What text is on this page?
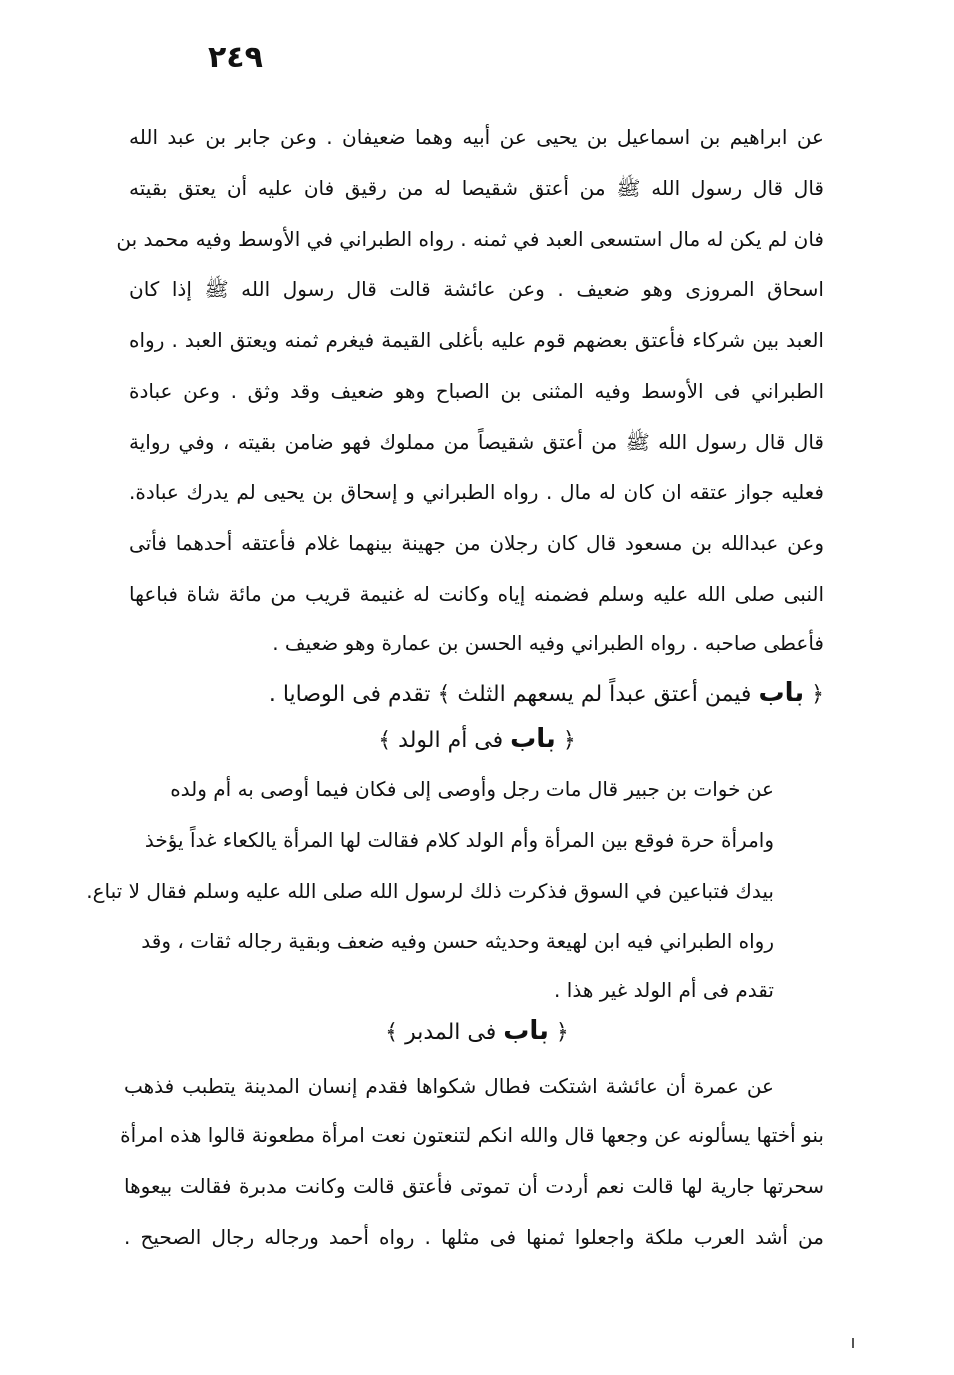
٢٤٩
عن ابراهيم بن اسماعيل بن يحيى عن أبيه وهما ضعيفان . وعن جابر بن عبد الله
قال قال رسول الله ﷺ من أعتق شقيصا له من رقيق فان عليه أن يعتق بقيته
فان لم يكن له مال استسعى العبد في ثمنه . رواه الطبراني في الأوسط وفيه محمد بن
اسحاق المروزى وهو ضعيف . وعن عائشة قالت قال رسول الله ﷺ إذا كان
العبد بين شركاء فأعتق بعضهم قوم عليه بأغلى القيمة فيغرم ثمنه ويعتق العبد . رواه
الطبراني فى الأوسط وفيه المثنى بن الصباح وهو ضعيف وقد وثق . وعن عبادة
قال قال رسول الله ﷺ من أعتق شقيصاً من مملوك فهو ضامن بقيته ، وفي رواية
فعليه جواز عتقه ان كان له مال . رواه الطبراني و إسحاق بن يحيى لم يدرك عبادة.
وعن عبدالله بن مسعود قال كان رجلان من جهينة بينهما غلام فأعتقه أحدهما فأتى
النبى صلى الله عليه وسلم فضمنه إياه وكانت له غنيمة قريب من مائة شاة فباعها
فأعطى صاحبه . رواه الطبراني وفيه الحسن بن عمارة وهو ضعيف .
﴿ باب فيمن أعتق عبداً لم يسعهم الثلث ﴾ تقدم فى الوصايا .
﴿ باب فى أم الولد ﴾
عن خوات بن جبير قال مات رجل وأوصى إلى فكان فيما أوصى به أم ولده
وامرأة حرة فوقع بين المرأة وأم الولد كلام فقالت لها المرأة يالكعاء غداً يؤخذ
بيدك فتباعين في السوق فذكرت ذلك لرسول الله صلى الله عليه وسلم فقال لا تباع.
رواه الطبراني فيه ابن لهيعة وحديثه حسن وفيه ضعف وبقية رجاله ثقات ، وقد
تقدم فى أم الولد غير هذا .
﴿ باب فى المدبر ﴾
عن عمرة أن عائشة اشتكت فطال شكواها فقدم إنسان المدينة يتطبب فذهب
بنو أختها يسألونه عن وجعها قال والله انكم لتنعتون نعت امرأة مطعونة قالوا هذه امرأة
سحرتها جارية لها قالت نعم أردت أن تموتى فأعتق قالت وكانت مدبرة فقالت بيعوها
من أشد العرب ملكة واجعلوا ثمنها فى مثلها . رواه أحمد ورجاله رجال الصحيح .
